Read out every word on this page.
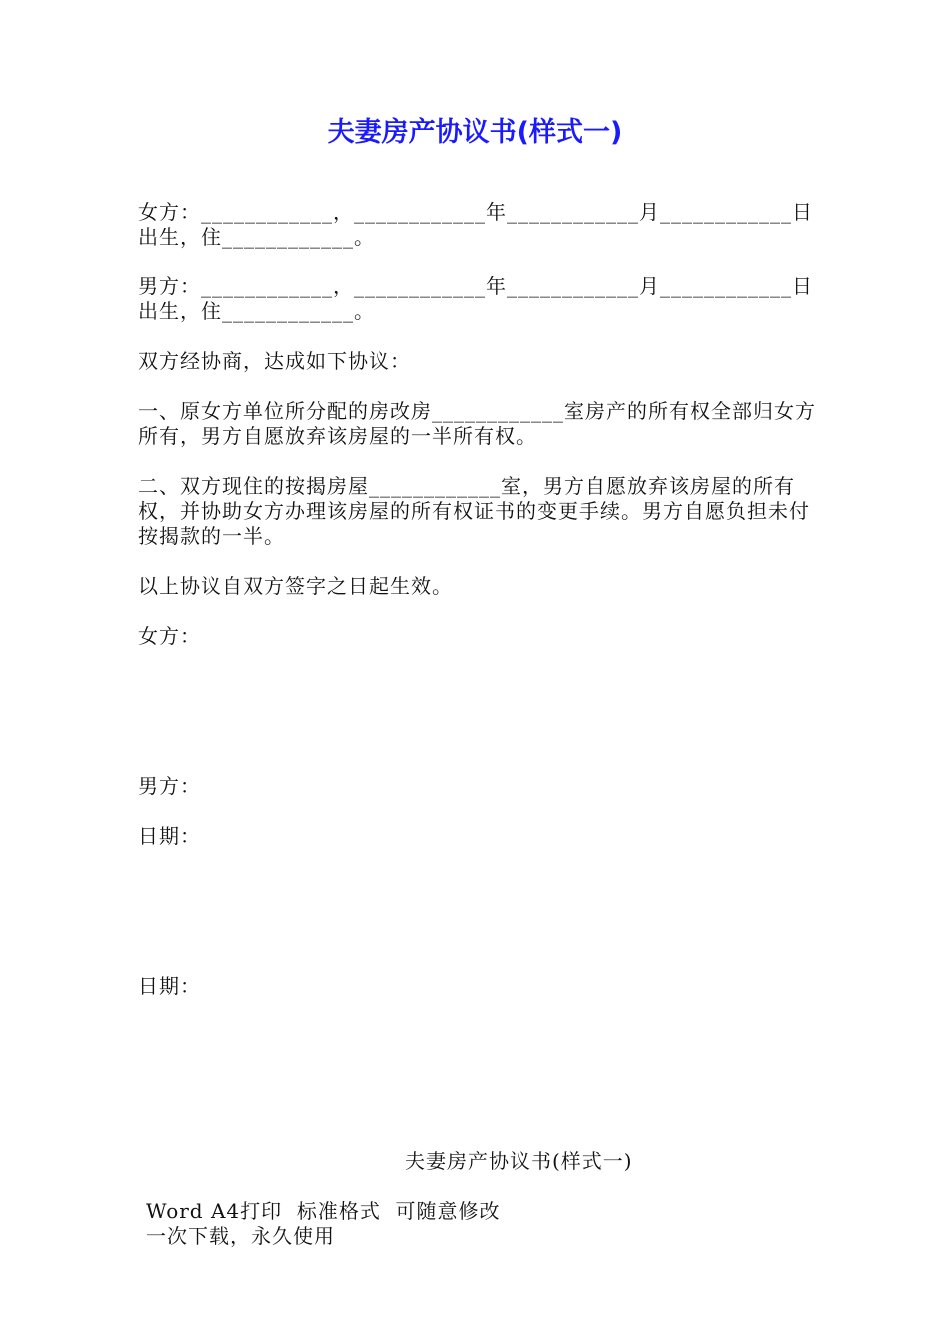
夫妻房产协议书(样式一)
女方：____________，____________年____________月____________日出生，住____________。
男方：____________，____________年____________月____________日出生，住____________。
双方经协商，达成如下协议：
一、原女方单位所分配的房改房____________室房产的所有权全部归女方所有，男方自愿放弃该房屋的一半所有权。
二、双方现住的按揭房屋____________室，男方自愿放弃该房屋的所有权，并协助女方办理该房屋的所有权证书的变更手续。男方自愿负担未付按揭款的一半。
以上协议自双方签字之日起生效。
女方：
男方：
日期：
日期：
夫妻房产协议书(样式一)
Word A4打印  标准格式  可随意修改
一次下载，永久使用
